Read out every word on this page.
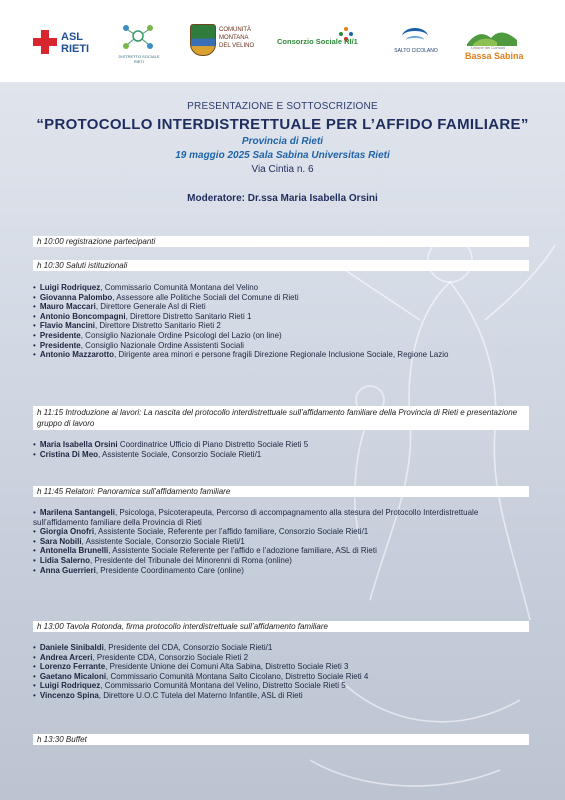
ASL
RIETI
DISTRETTO SOCIALE RIETI
COMUNITÀ
MONTANA
DEL VELINO	Consorzio Sociale RI/1
SALTO CICOLANO
Unione dei Comuni
Bassa Sabina
PRESENTAZIONE E SOTTOSCRIZIONE
“PROTOCOLLO INTERDISTRETTUALE PER L’AFFIDO FAMILIARE”
Provincia di Rieti
19 maggio 2025 Sala Sabina Universitas Rieti
Via Cintia n. 6
Moderatore: Dr.ssa Maria Isabella Orsini
h 10:00 registrazione partecipanti
h 10:30 Saluti istituzionali
• Luigi Rodriquez, Commissario Comunità Montana del Velino
• Giovanna Palombo, Assessore alle Politiche Sociali del Comune di Rieti
• Mauro Maccari, Direttore Generale Asl di Rieti
• Antonio Boncompagni, Direttore Distretto Sanitario Rieti 1
• Flavio Mancini, Direttore Distretto Sanitario Rieti 2
• Presidente, Consiglio Nazionale Ordine Psicologi del Lazio (on line)
• Presidente, Consiglio Nazionale Ordine Assistenti Sociali
• Antonio Mazzarotto, Dirigente area minori e persone fragili Direzione Regionale Inclusione Sociale, Regione Lazio
h 11:15 Introduzione ai lavori: La nascita del protocollo interdistrettuale sull’affidamento familiare della Provincia di Rieti e presentazione gruppo di lavoro
• Maria Isabella Orsini Coordinatrice Ufficio di Piano Distretto Sociale Rieti 5
• Cristina Di Meo, Assistente Sociale, Consorzio Sociale Rieti/1
h 11:45 Relatori: Panoramica sull’affidamento familiare
• Marilena Santangeli, Psicologa, Psicoterapeuta, Percorso di accompagnamento alla stesura del Protocollo Interdistrettuale sull’affidamento familiare della Provincia di Rieti
• Giorgia Onofri, Assistente Sociale, Referente per l’affido familiare, Consorzio Sociale Rieti/1
• Sara Nobili, Assistente Sociale, Consorzio Sociale Rieti/1
• Antonella Brunelli, Assistente Sociale Referente per l’affido e l’adozione familiare, ASL di Rieti
• Lidia Salerno, Presidente del Tribunale dei Minorenni di Roma (online)
• Anna Guerrieri, Presidente Coordinamento Care (online)
h 13:00 Tavola Rotonda, firma protocollo interdistrettuale sull’affidamento familiare
• Daniele Sinibaldi, Presidente del CDA, Consorzio Sociale Rieti/1
• Andrea Arceri, Presidente CDA, Consorzio Sociale Rieti 2
• Lorenzo Ferrante, Presidente Unione dei Comuni Alta Sabina, Distretto Sociale Rieti 3
• Gaetano Micaloni, Commissario Comunità Montana Salto Cicolano, Distretto Sociale Rieti 4
• Luigi Rodriquez, Commissario Comunità Montana del Velino, Distretto Sociale Rieti 5
• Vincenzo Spina, Direttore U.O.C Tutela del Materno Infantile, ASL di Rieti
h 13:30 Buffet
